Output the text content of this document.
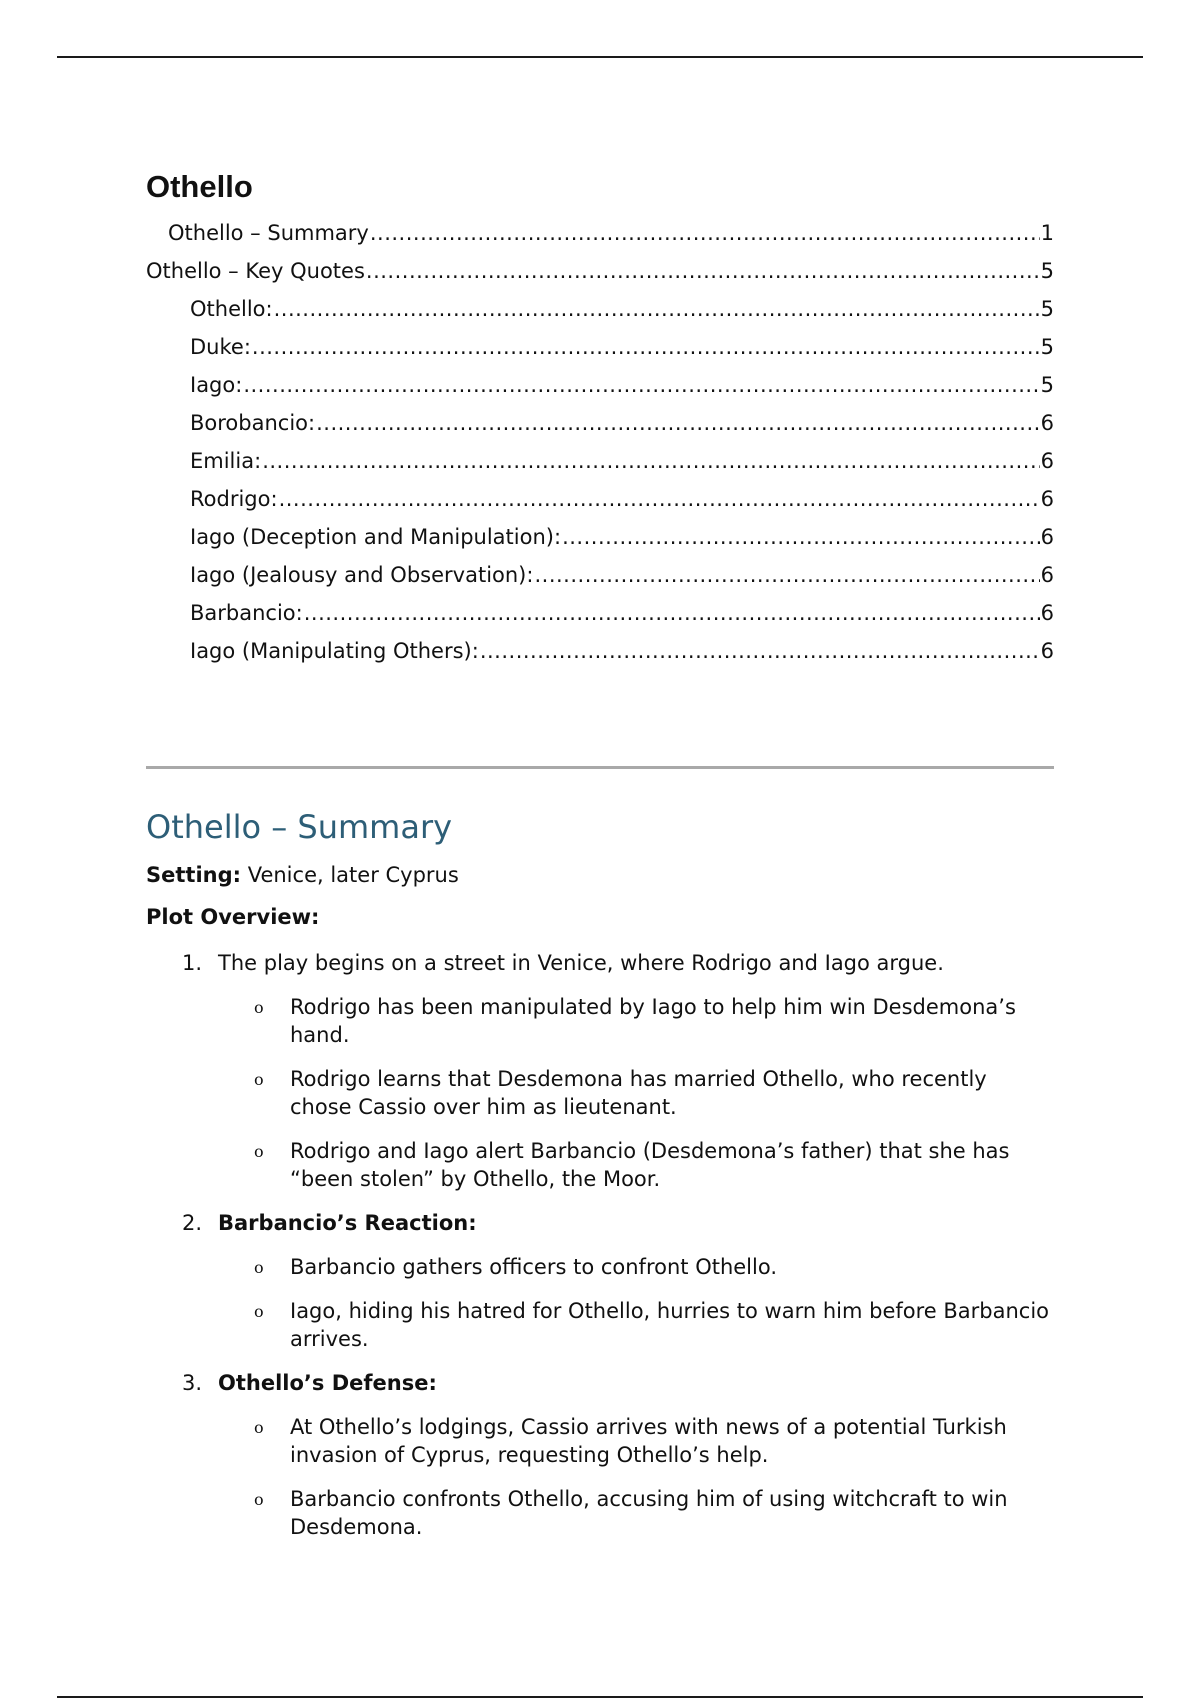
Othello
Othello – Summary .....	1
Othello – Key Quotes .....	5
Othello: .....	5
Duke: .....	5
Iago: .....	5
Borobancio: .....	6
Emilia: .....	6
Rodrigo: .....	6
Iago (Deception and Manipulation): .....	6
Iago (Jealousy and Observation): .....	6
Barbancio: .....	6
Iago (Manipulating Others): .....	6
Othello – Summary
Setting: Venice, later Cyprus
Plot Overview:
1. The play begins on a street in Venice, where Rodrigo and Iago argue.
o Rodrigo has been manipulated by Iago to help him win Desdemona’s hand.
o Rodrigo learns that Desdemona has married Othello, who recently chose Cassio over him as lieutenant.
o Rodrigo and Iago alert Barbancio (Desdemona’s father) that she has “been stolen” by Othello, the Moor.
2. Barbancio’s Reaction:
o Barbancio gathers officers to confront Othello.
o Iago, hiding his hatred for Othello, hurries to warn him before Barbancio arrives.
3. Othello’s Defense:
o At Othello’s lodgings, Cassio arrives with news of a potential Turkish invasion of Cyprus, requesting Othello’s help.
o Barbancio confronts Othello, accusing him of using witchcraft to win Desdemona.
